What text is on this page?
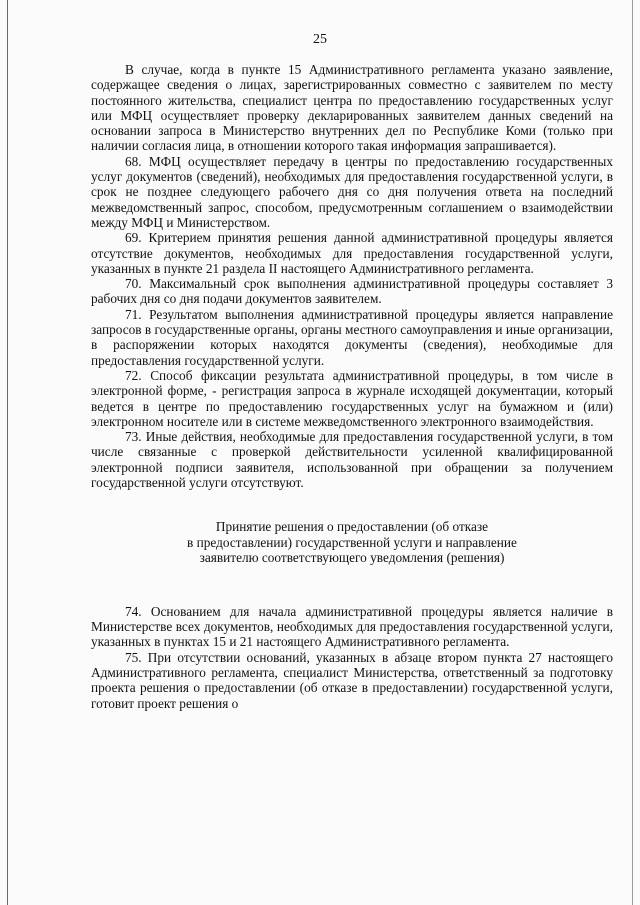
25

В случае, когда в пункте 15 Административного регламента указано заявление, содержащее сведения о лицах, зарегистрированных совместно с заявителем по месту постоянного жительства, специалист центра по предоставлению государственных услуг или МФЦ осуществляет проверку декларированных заявителем данных сведений на основании запроса в Министерство внутренних дел по Республике Коми (только при наличии согласия лица, в отношении которого такая информация запрашивается).

68. МФЦ осуществляет передачу в центры по предоставлению государственных услуг документов (сведений), необходимых для предоставления государственной услуги, в срок не позднее следующего рабочего дня со дня получения ответа на последний межведомственный запрос, способом, предусмотренным соглашением о взаимодействии между МФЦ и Министерством.

69. Критерием принятия решения данной административной процедуры является отсутствие документов, необходимых для предоставления государственной услуги, указанных в пункте 21 раздела II настоящего Административного регламента.

70. Максимальный срок выполнения административной процедуры составляет 3 рабочих дня со дня подачи документов заявителем.

71. Результатом выполнения административной процедуры является направление запросов в государственные органы, органы местного самоуправления и иные организации, в распоряжении которых находятся документы (сведения), необходимые для предоставления государственной услуги.

72. Способ фиксации результата административной процедуры, в том числе в электронной форме, - регистрация запроса в журнале исходящей документации, который ведется в центре по предоставлению государственных услуг на бумажном и (или) электронном носителе или в системе межведомственного электронного взаимодействия.

73. Иные действия, необходимые для предоставления государственной услуги, в том числе связанные с проверкой действительности усиленной квалифицированной электронной подписи заявителя, использованной при обращении за получением государственной услуги отсутствуют.

Принятие решения о предоставлении (об отказе
в предоставлении) государственной услуги и направление
заявителю соответствующего уведомления (решения)

74. Основанием для начала административной процедуры является наличие в Министерстве всех документов, необходимых для предоставления государственной услуги, указанных в пунктах 15 и 21 настоящего Административного регламента.

75. При отсутствии оснований, указанных в абзаце втором пункта 27 настоящего Административного регламента, специалист Министерства, ответственный за подготовку проекта решения о предоставлении (об отказе в предоставлении) государственной услуги, готовит проект решения о
